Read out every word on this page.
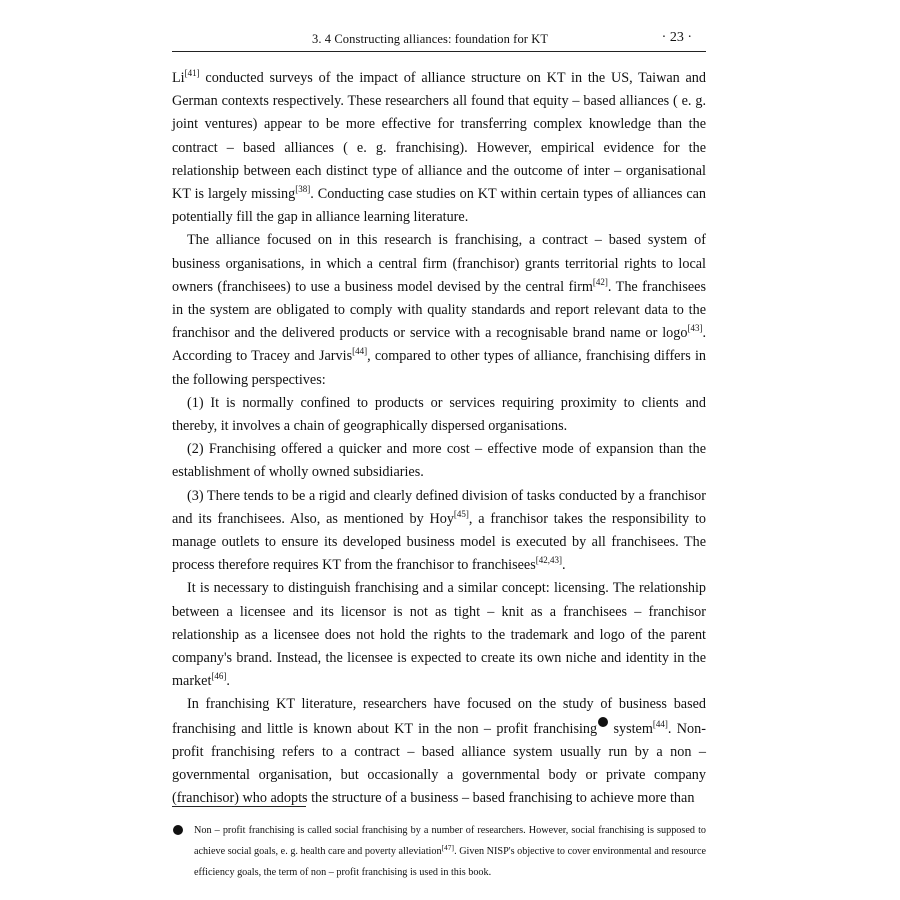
3. 4 Constructing alliances: foundation for KT	· 23 ·

Li[41] conducted surveys of the impact of alliance structure on KT in the US, Taiwan and German contexts respectively. These researchers all found that equity – based alliances ( e. g. joint ventures) appear to be more effective for transferring complex knowledge than the contract – based alliances ( e. g. franchising). However, empirical evidence for the relationship between each distinct type of alliance and the outcome of inter – organisational KT is largely missing[38]. Conducting case studies on KT within certain types of alliances can potentially fill the gap in alliance learning literature.

The alliance focused on in this research is franchising, a contract – based system of business organisations, in which a central firm (franchisor) grants territorial rights to local owners (franchisees) to use a business model devised by the central firm[42]. The franchisees in the system are obligated to comply with quality standards and report relevant data to the franchisor and the delivered products or service with a recognisable brand name or logo[43]. According to Tracey and Jarvis[44], compared to other types of alliance, franchising differs in the following perspectives:

(1) It is normally confined to products or services requiring proximity to clients and thereby, it involves a chain of geographically dispersed organisations.

(2) Franchising offered a quicker and more cost – effective mode of expansion than the establishment of wholly owned subsidiaries.

(3) There tends to be a rigid and clearly defined division of tasks conducted by a franchisor and its franchisees. Also, as mentioned by Hoy[45], a franchisor takes the responsibility to manage outlets to ensure its developed business model is executed by all franchisees. The process therefore requires KT from the franchisor to franchisees[42,43].

It is necessary to distinguish franchising and a similar concept: licensing. The relationship between a licensee and its licensor is not as tight – knit as a franchisees – franchisor relationship as a licensee does not hold the rights to the trademark and logo of the parent company's brand. Instead, the licensee is expected to create its own niche and identity in the market[46].

In franchising KT literature, researchers have focused on the study of business based franchising and little is known about KT in the non – profit franchising system[44]. Non-profit franchising refers to a contract – based alliance system usually run by a non – governmental organisation, but occasionally a governmental body or private company (franchisor) who adopts the structure of a business – based franchising to achieve more than

Non – profit franchising is called social franchising by a number of researchers. However, social franchising is supposed to achieve social goals, e. g. health care and poverty alleviation[47]. Given NISP's objective to cover environmental and resource efficiency goals, the term of non – profit franchising is used in this book.
